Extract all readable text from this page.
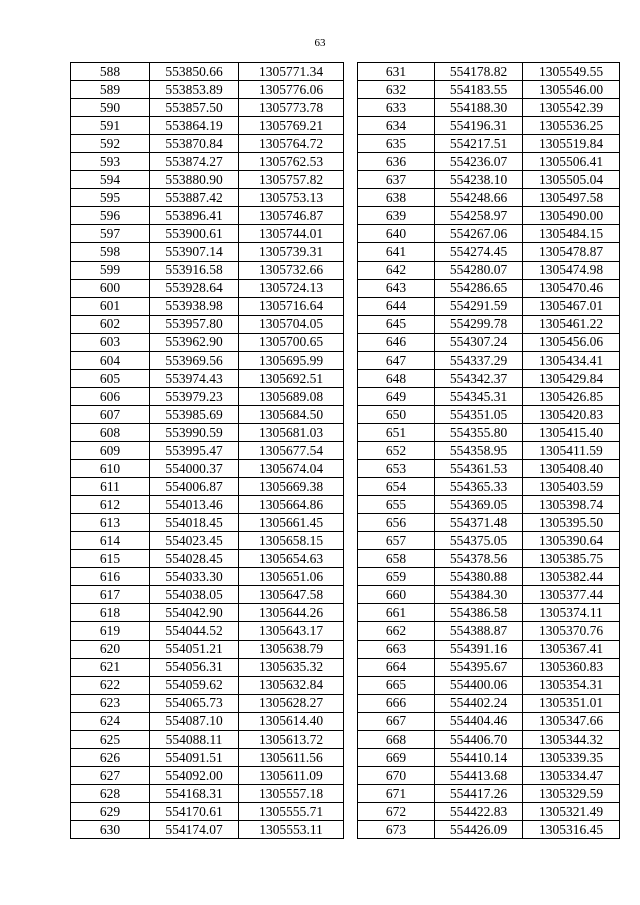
63
588	553850.66	1305771.34
589	553853.89	1305776.06
590	553857.50	1305773.78
591	553864.19	1305769.21
592	553870.84	1305764.72
593	553874.27	1305762.53
594	553880.90	1305757.82
595	553887.42	1305753.13
596	553896.41	1305746.87
597	553900.61	1305744.01
598	553907.14	1305739.31
599	553916.58	1305732.66
600	553928.64	1305724.13
601	553938.98	1305716.64
602	553957.80	1305704.05
603	553962.90	1305700.65
604	553969.56	1305695.99
605	553974.43	1305692.51
606	553979.23	1305689.08
607	553985.69	1305684.50
608	553990.59	1305681.03
609	553995.47	1305677.54
610	554000.37	1305674.04
611	554006.87	1305669.38
612	554013.46	1305664.86
613	554018.45	1305661.45
614	554023.45	1305658.15
615	554028.45	1305654.63
616	554033.30	1305651.06
617	554038.05	1305647.58
618	554042.90	1305644.26
619	554044.52	1305643.17
620	554051.21	1305638.79
621	554056.31	1305635.32
622	554059.62	1305632.84
623	554065.73	1305628.27
624	554087.10	1305614.40
625	554088.11	1305613.72
626	554091.51	1305611.56
627	554092.00	1305611.09
628	554168.31	1305557.18
629	554170.61	1305555.71
630	554174.07	1305553.11
631	554178.82	1305549.55
632	554183.55	1305546.00
633	554188.30	1305542.39
634	554196.31	1305536.25
635	554217.51	1305519.84
636	554236.07	1305506.41
637	554238.10	1305505.04
638	554248.66	1305497.58
639	554258.97	1305490.00
640	554267.06	1305484.15
641	554274.45	1305478.87
642	554280.07	1305474.98
643	554286.65	1305470.46
644	554291.59	1305467.01
645	554299.78	1305461.22
646	554307.24	1305456.06
647	554337.29	1305434.41
648	554342.37	1305429.84
649	554345.31	1305426.85
650	554351.05	1305420.83
651	554355.80	1305415.40
652	554358.95	1305411.59
653	554361.53	1305408.40
654	554365.33	1305403.59
655	554369.05	1305398.74
656	554371.48	1305395.50
657	554375.05	1305390.64
658	554378.56	1305385.75
659	554380.88	1305382.44
660	554384.30	1305377.44
661	554386.58	1305374.11
662	554388.87	1305370.76
663	554391.16	1305367.41
664	554395.67	1305360.83
665	554400.06	1305354.31
666	554402.24	1305351.01
667	554404.46	1305347.66
668	554406.70	1305344.32
669	554410.14	1305339.35
670	554413.68	1305334.47
671	554417.26	1305329.59
672	554422.83	1305321.49
673	554426.09	1305316.45
